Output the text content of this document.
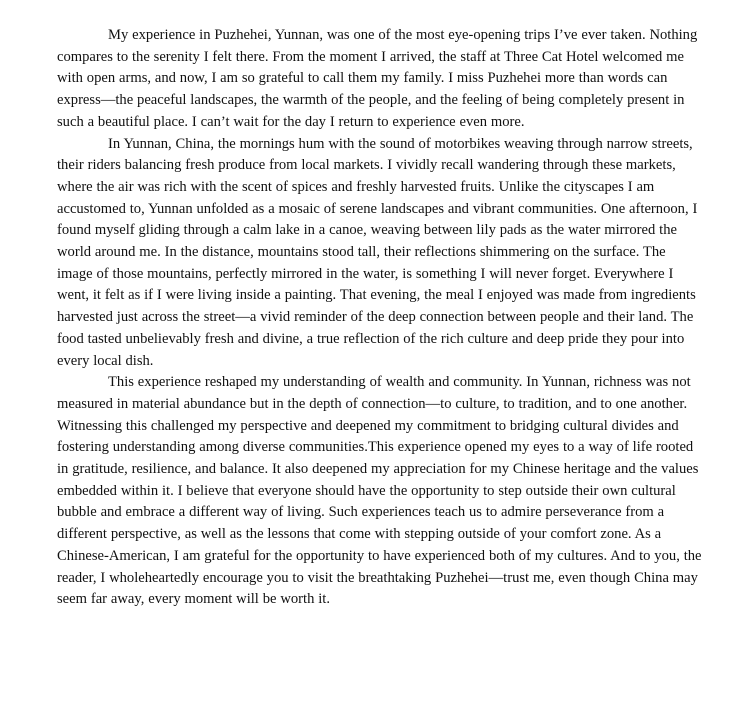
My experience in Puzhehei, Yunnan, was one of the most eye-opening trips I’ve ever taken. Nothing compares to the serenity I felt there. From the moment I arrived, the staff at Three Cat Hotel welcomed me with open arms, and now, I am so grateful to call them my family. I miss Puzhehei more than words can express—the peaceful landscapes, the warmth of the people, and the feeling of being completely present in such a beautiful place. I can’t wait for the day I return to experience even more.

In Yunnan, China, the mornings hum with the sound of motorbikes weaving through narrow streets, their riders balancing fresh produce from local markets. I vividly recall wandering through these markets, where the air was rich with the scent of spices and freshly harvested fruits. Unlike the cityscapes I am accustomed to, Yunnan unfolded as a mosaic of serene landscapes and vibrant communities. One afternoon, I found myself gliding through a calm lake in a canoe, weaving between lily pads as the water mirrored the world around me. In the distance, mountains stood tall, their reflections shimmering on the surface. The image of those mountains, perfectly mirrored in the water, is something I will never forget. Everywhere I went, it felt as if I were living inside a painting. That evening, the meal I enjoyed was made from ingredients harvested just across the street—a vivid reminder of the deep connection between people and their land. The food tasted unbelievably fresh and divine, a true reflection of the rich culture and deep pride they pour into every local dish.

This experience reshaped my understanding of wealth and community. In Yunnan, richness was not measured in material abundance but in the depth of connection—to culture, to tradition, and to one another. Witnessing this challenged my perspective and deepened my commitment to bridging cultural divides and fostering understanding among diverse communities.This experience opened my eyes to a way of life rooted in gratitude, resilience, and balance. It also deepened my appreciation for my Chinese heritage and the values embedded within it. I believe that everyone should have the opportunity to step outside their own cultural bubble and embrace a different way of living. Such experiences teach us to admire perseverance from a different perspective, as well as the lessons that come with stepping outside of your comfort zone. As a Chinese-American, I am grateful for the opportunity to have experienced both of my cultures. And to you, the reader, I wholeheartedly encourage you to visit the breathtaking Puzhehei—trust me, even though China may seem far away, every moment will be worth it.
